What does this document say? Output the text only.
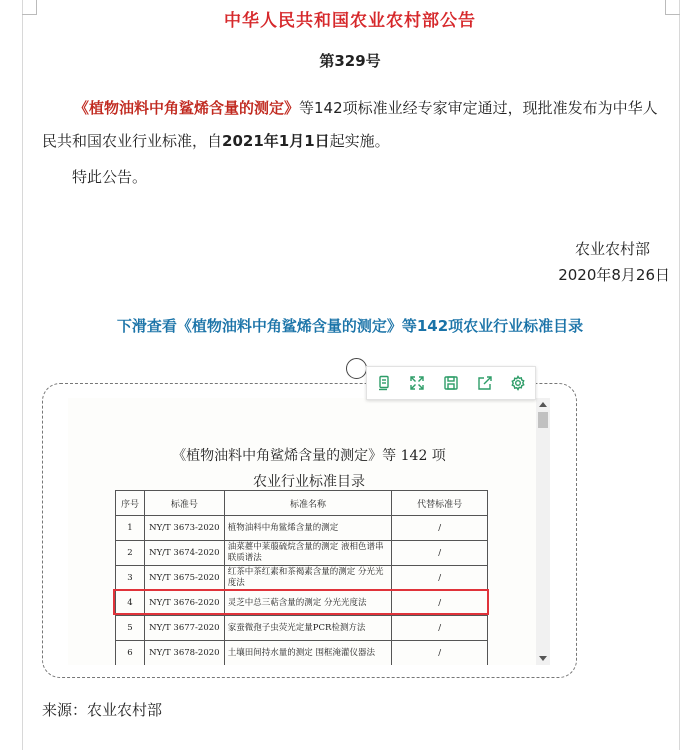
中华人民共和国农业农村部公告
第329号

《植物油料中角鲨烯含量的测定》等142项标准业经专家审定通过，现批准发布为中华人民共和国农业行业标准，自2021年1月1日起实施。

特此公告。
农业农村部
2020年8月26日
下滑查看《植物油料中角鲨烯含量的测定》等142项农业行业标准目录
《植物油料中角鲨烯含量的测定》等 142 项
农业行业标准目录
序号	标准号	标准名称	代替标准号
1	NY/T 3673-2020	植物油料中角鲨烯含量的测定	/
2	NY/T 3674-2020	油菜薹中莱菔硫烷含量的测定 液相色谱串联质谱法	/
3	NY/T 3675-2020	红茶中茶红素和茶褐素含量的测定 分光光度法	/
4	NY/T 3676-2020	灵芝中总三萜含量的测定 分光光度法	/
5	NY/T 3677-2020	家蚕微孢子虫荧光定量PCR检测方法	/
6	NY/T 3678-2020	土壤田间持水量的测定 围框淹灌仪器法	/
来源：农业农村部
